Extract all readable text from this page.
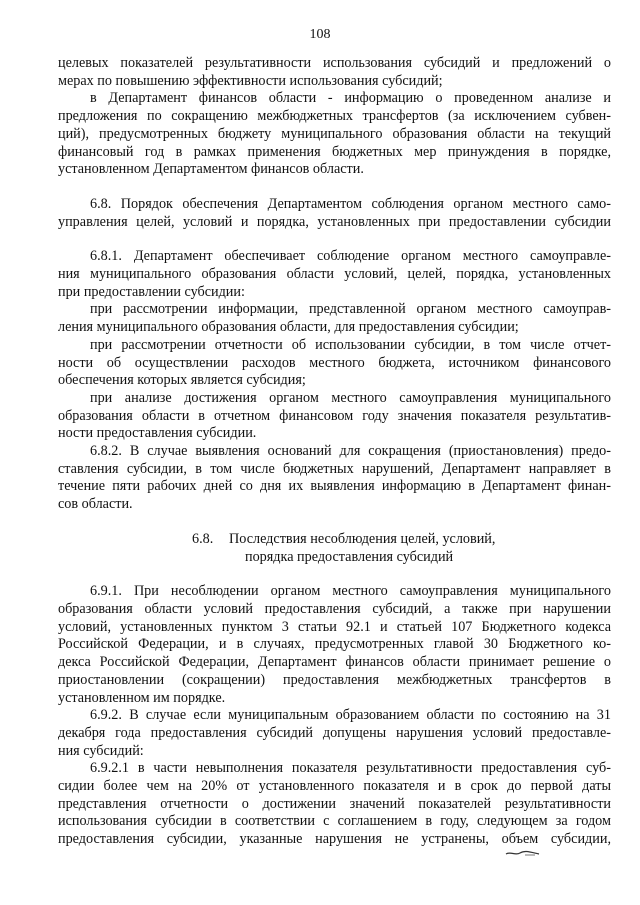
108
целевых показателей результативности использования субсидий и предложений о
мерах по повышению эффективности использования субсидий;
в Департамент финансов области - информацию о проведенном анализе и
предложения по сокращению межбюджетных трансфертов (за исключением субвен-
ций), предусмотренных бюджету муниципального образования области на текущий
финансовый год в рамках применения бюджетных мер принуждения в порядке,
установленном Департаментом финансов области.
6.8. Порядок обеспечения Департаментом соблюдения органом местного само-
управления целей, условий и порядка, установленных при предоставлении субсидии
6.8.1. Департамент обеспечивает соблюдение органом местного самоуправле-
ния муниципального образования области условий, целей, порядка, установленных
при предоставлении субсидии:
при рассмотрении информации, представленной органом местного самоуправ-
ления муниципального образования области, для предоставления субсидии;
при рассмотрении отчетности об использовании субсидии, в том числе отчет-
ности об осуществлении расходов местного бюджета, источником финансового
обеспечения которых является субсидия;
при анализе достижения органом местного самоуправления муниципального
образования области в отчетном финансовом году значения показателя результатив-
ности предоставления субсидии.
6.8.2. В случае выявления оснований для сокращения (приостановления) предо-
ставления субсидии, в том числе бюджетных нарушений, Департамент направляет в
течение пяти рабочих дней со дня их выявления информацию в Департамент финан-
сов области.
6.8. Последствия несоблюдения целей, условий,
порядка предоставления субсидий
6.9.1. При несоблюдении органом местного самоуправления муниципального
образования области условий предоставления субсидий, а также при нарушении
условий, установленных пунктом 3 статьи 92.1 и статьей 107 Бюджетного кодекса
Российской Федерации, и в случаях, предусмотренных главой 30 Бюджетного ко-
декса Российской Федерации, Департамент финансов области принимает решение о
приостановлении (сокращении) предоставления межбюджетных трансфертов в
установленном им порядке.
6.9.2. В случае если муниципальным образованием области по состоянию на 31
декабря года предоставления субсидий допущены нарушения условий предоставле-
ния субсидий:
6.9.2.1 в части невыполнения показателя результативности предоставления суб-
сидии более чем на 20% от установленного показателя и в срок до первой даты
представления отчетности о достижении значений показателей результативности
использования субсидии в соответствии с соглашением в году, следующем за годом
предоставления субсидии, указанные нарушения не устранены, объем субсидии,
